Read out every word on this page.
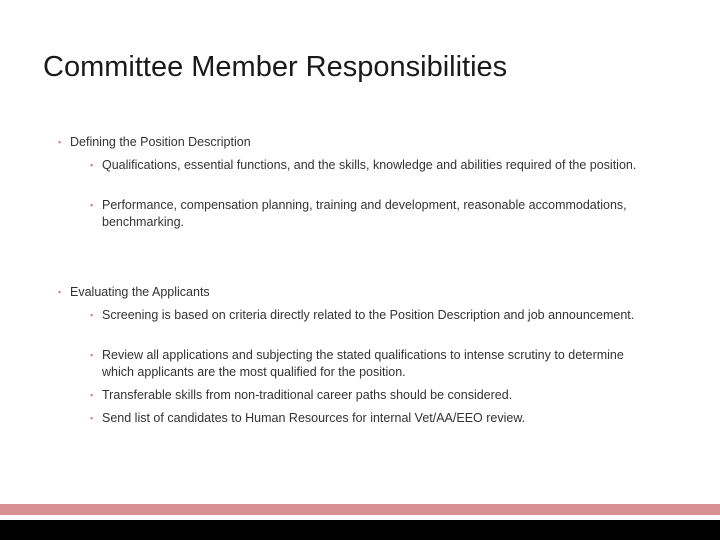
Committee Member Responsibilities
▪ Defining the Position Description
▪ Qualifications, essential functions, and the skills, knowledge and abilities required of the position.
▪ Performance, compensation planning, training and development, reasonable accommodations, benchmarking.
▪ Evaluating the Applicants
▪ Screening is based on criteria directly related to the Position Description and job announcement.
▪ Review all applications and subjecting the stated qualifications to intense scrutiny to determine which applicants are the most qualified for the position.
▪ Transferable skills from non-traditional career paths should be considered.
▪ Send list of candidates to Human Resources for internal Vet/AA/EEO review.
